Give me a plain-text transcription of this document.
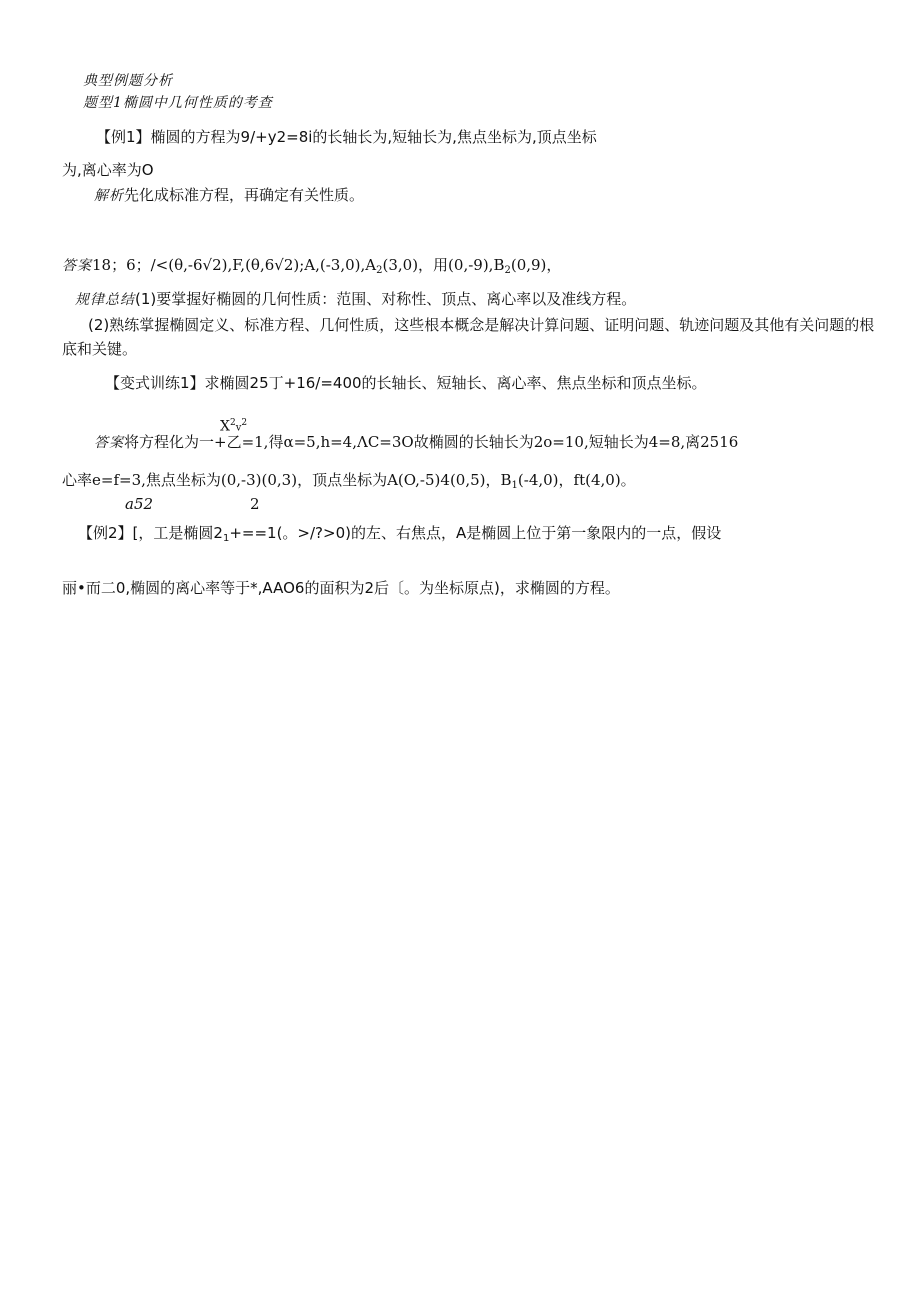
典型例题分析
题型1椭圆中几何性质的考查
【例1】椭圆的方程为9/+y2=8i的长轴长为,短轴长为,焦点坐标为,顶点坐标
为,离心率为O
解析先化成标准方程，再确定有关性质。
答案18；6；$/<(\theta,-6√2),F,(\theta,6√2);A,(-3,0),A_2(3,0)$，用$(0,-9),B_2(0,9)$，
规律总结(1)要掌握好椭圆的几何性质：范围、对称性、顶点、离心率以及准线方程。
(2)熟练掌握椭圆定义、标准方程、几何性质，这些根本概念是解决计算问题、证明问题、轨迹问题及其他有关问题的根
底和关键。
【变式训练1】求椭圆25丁+16/=400的长轴长、短轴长、离心率、焦点坐标和顶点坐标。
$X^2v^2$
答案将方程化为一+乙=1,得α=5,h=4,ΛC=3O故椭圆的长轴长为2o=10,短轴长为4=8,离2516
心率e=f=3,焦点坐标为(0,-3)(0,3)，顶点坐标为A(O,-5)4(0,5)，$B_1(-4,0)$，ft(4,0)。
a52	2
【例2】[，工是椭圆$2_1+==1$(。>/?>0)的左、右焦点，A是椭圆上位于第一象限内的一点，假设
丽•而二0,椭圆的离心率等于*,AAO6的面积为2后〔。为坐标原点)，求椭圆的方程。
